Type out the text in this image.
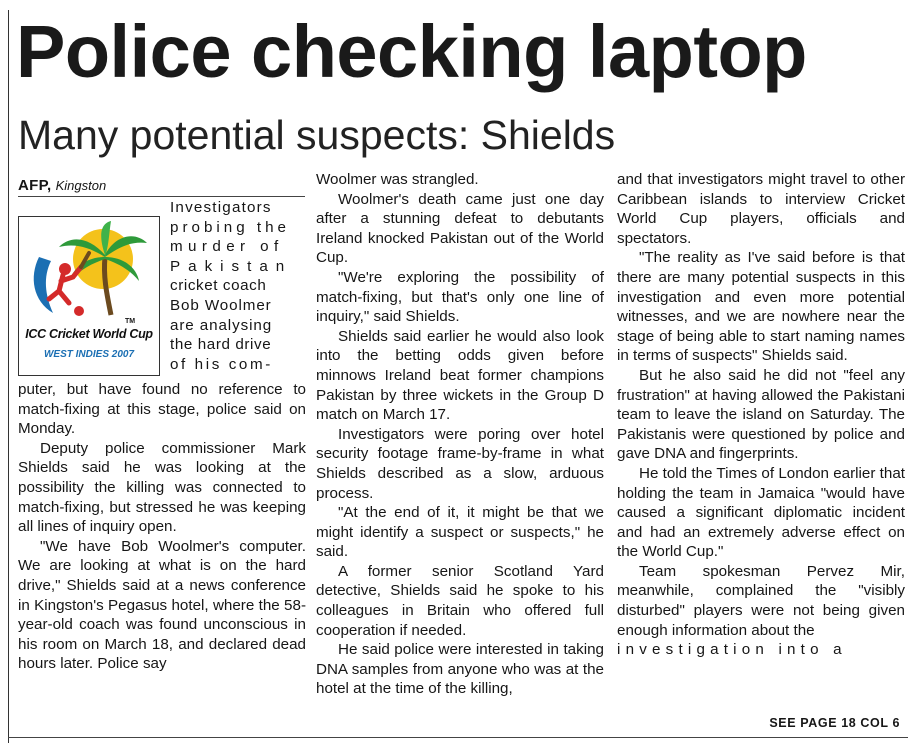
Police checking laptop
Many potential suspects: Shields
AFP, Kingston
TM
ICC Cricket World Cup
WEST INDIES 2007
Investigators
probing the
murder of
Pakistan
cricket coach
Bob Woolmer
are analysing
the hard drive
of his com-

puter, but have found no reference to match-fixing at this stage, police said on Monday.

Deputy police commissioner Mark Shields said he was looking at the possibility the killing was connected to match-fixing, but stressed he was keeping all lines of inquiry open.

"We have Bob Woolmer's computer. We are looking at what is on the hard drive," Shields said at a news conference in Kingston's Pegasus hotel, where the 58-year-old coach was found unconscious in his room on March 18, and declared dead hours later. Police say

Woolmer was strangled.

Woolmer's death came just one day after a stunning defeat to debutants Ireland knocked Pakistan out of the World Cup.

"We're exploring the possibility of match-fixing, but that's only one line of inquiry," said Shields.

Shields said earlier he would also look into the betting odds given before minnows Ireland beat former champions Pakistan by three wickets in the Group D match on March 17.

Investigators were poring over hotel security footage frame-by-frame in what Shields described as a slow, arduous process.

"At the end of it, it might be that we might identify a suspect or suspects," he said.

A former senior Scotland Yard detective, Shields said he spoke to his colleagues in Britain who offered full cooperation if needed.

He said police were interested in taking DNA samples from anyone who was at the hotel at the time of the killing,

and that investigators might travel to other Caribbean islands to interview Cricket World Cup players, officials and spectators.

"The reality as I've said before is that there are many potential suspects in this investigation and even more potential witnesses, and we are nowhere near the stage of being able to start naming names in terms of suspects" Shields said.

But he also said he did not "feel any frustration" at having allowed the Pakistani team to leave the island on Saturday. The Pakistanis were questioned by police and gave DNA and fingerprints.

He told the Times of London earlier that holding the team in Jamaica "would have caused a significant diplomatic incident and had an extremely adverse effect on the World Cup."

Team spokesman Pervez Mir, meanwhile, complained the "visibly disturbed" players were not being given enough information about the

investigation into a

SEE PAGE 18 COL 6
